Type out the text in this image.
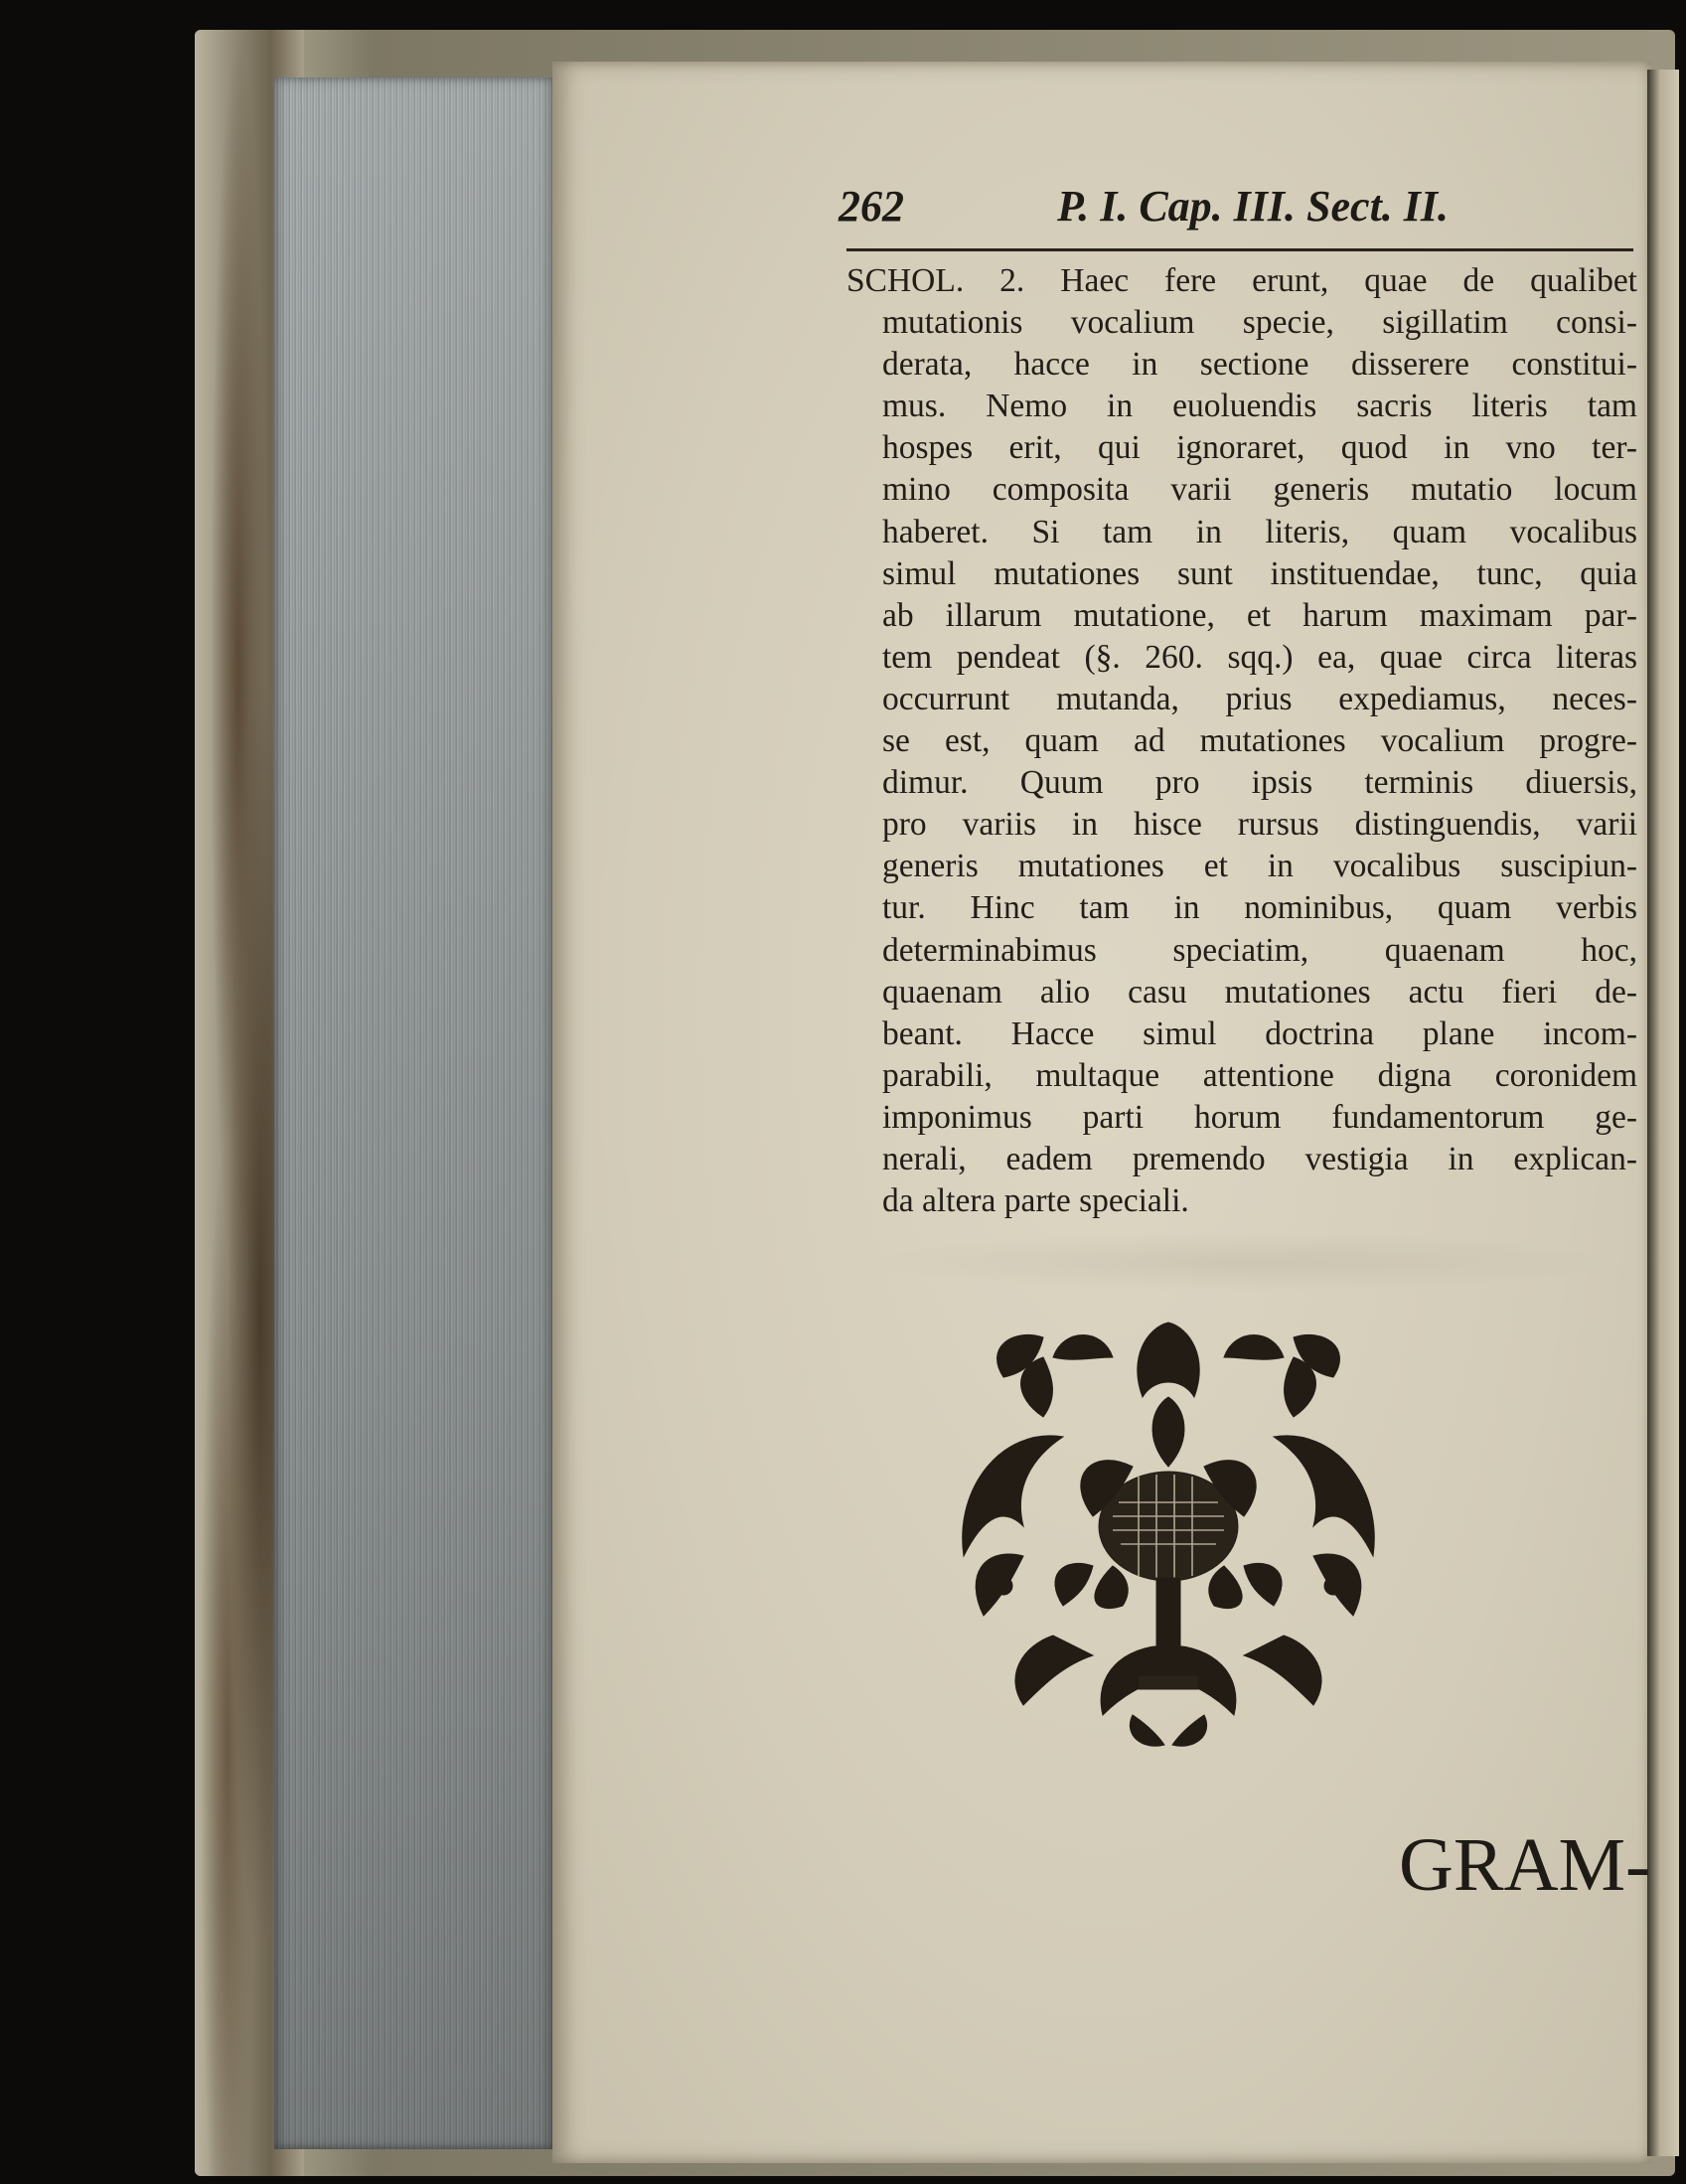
262	P. I. Cap. III. Sect. II.
SCHOL. 2. Haec fere erunt, quae de qualibet
mutationis vocalium specie, sigillatim consi-
derata, hacce in sectione disserere constitui-
mus. Nemo in euoluendis sacris literis tam
hospes erit, qui ignoraret, quod in vno ter-
mino composita varii generis mutatio locum
haberet. Si tam in literis, quam vocalibus
simul mutationes sunt instituendae, tunc, quia
ab illarum mutatione, et harum maximam par-
tem pendeat (§. 260. sqq.) ea, quae circa literas
occurrunt mutanda, prius expediamus, neces-
se est, quam ad mutationes vocalium progre-
dimur. Quum pro ipsis terminis diuersis,
pro variis in hisce rursus distinguendis, varii
generis mutationes et in vocalibus suscipiun-
tur. Hinc tam in nominibus, quam verbis
determinabimus speciatim, quaenam hoc,
quaenam alio casu mutationes actu fieri de-
beant. Hacce simul doctrina plane incom-
parabili, multaque attentione digna coronidem
imponimus parti horum fundamentorum ge-
nerali, eadem premendo vestigia in explican-
da altera parte speciali.
GRAM-
